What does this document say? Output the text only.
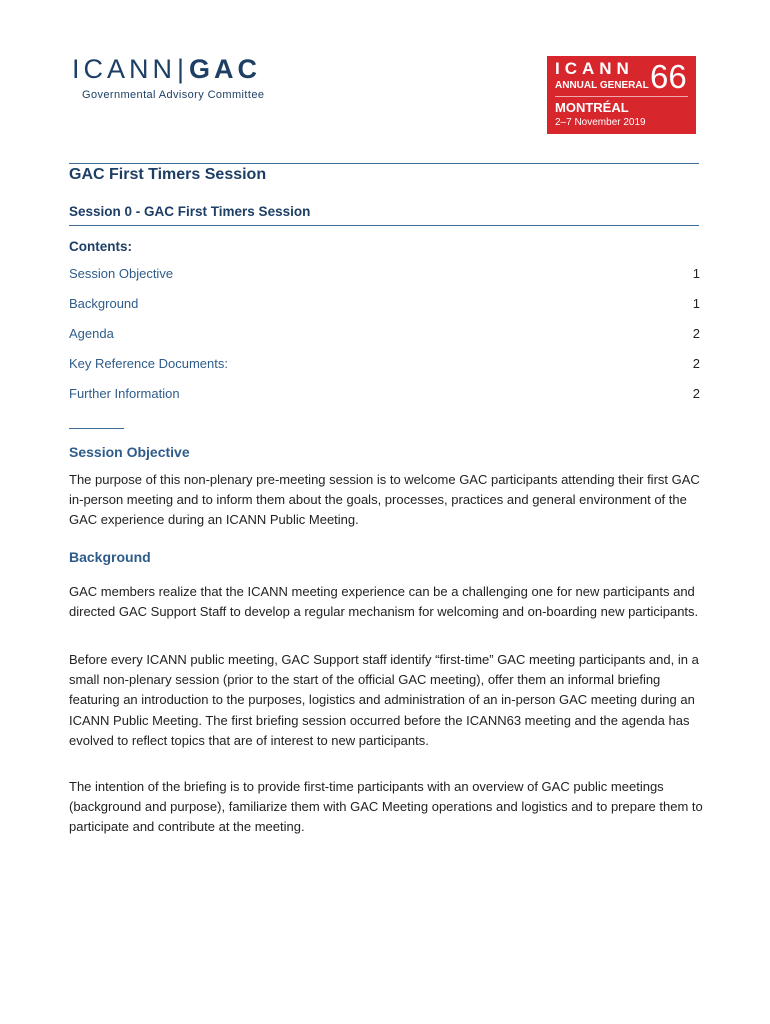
ICANN|GAC
Governmental Advisory Committee
ICANN 66
ANNUAL GENERAL
MONTRÉAL
2–7 November 2019
GAC First Timers Session
Session 0 - GAC First Timers Session
Contents:
Session Objective	1
Background	1
Agenda	2
Key Reference Documents:	2
Further Information	2
Session Objective

The purpose of this non-plenary pre-meeting session is to welcome GAC participants attending their first GAC in-person meeting and to inform them about the goals, processes, practices and general environment of the GAC experience during an ICANN Public Meeting.

Background

GAC members realize that the ICANN meeting experience can be a challenging one for new participants and directed GAC Support Staff to develop a regular mechanism for welcoming and on-boarding new participants.

Before every ICANN public meeting, GAC Support staff identify “first-time” GAC meeting participants and, in a small non-plenary session (prior to the start of the official GAC meeting), offer them an informal briefing featuring an introduction to the purposes, logistics and administration of an in-person GAC meeting during an ICANN Public Meeting. The first briefing session occurred before the ICANN63 meeting and the agenda has evolved to reflect topics that are of interest to new participants.

The intention of the briefing is to provide first-time participants with an overview of GAC public meetings (background and purpose), familiarize them with GAC Meeting operations and logistics and to prepare them to participate and contribute at the meeting.
